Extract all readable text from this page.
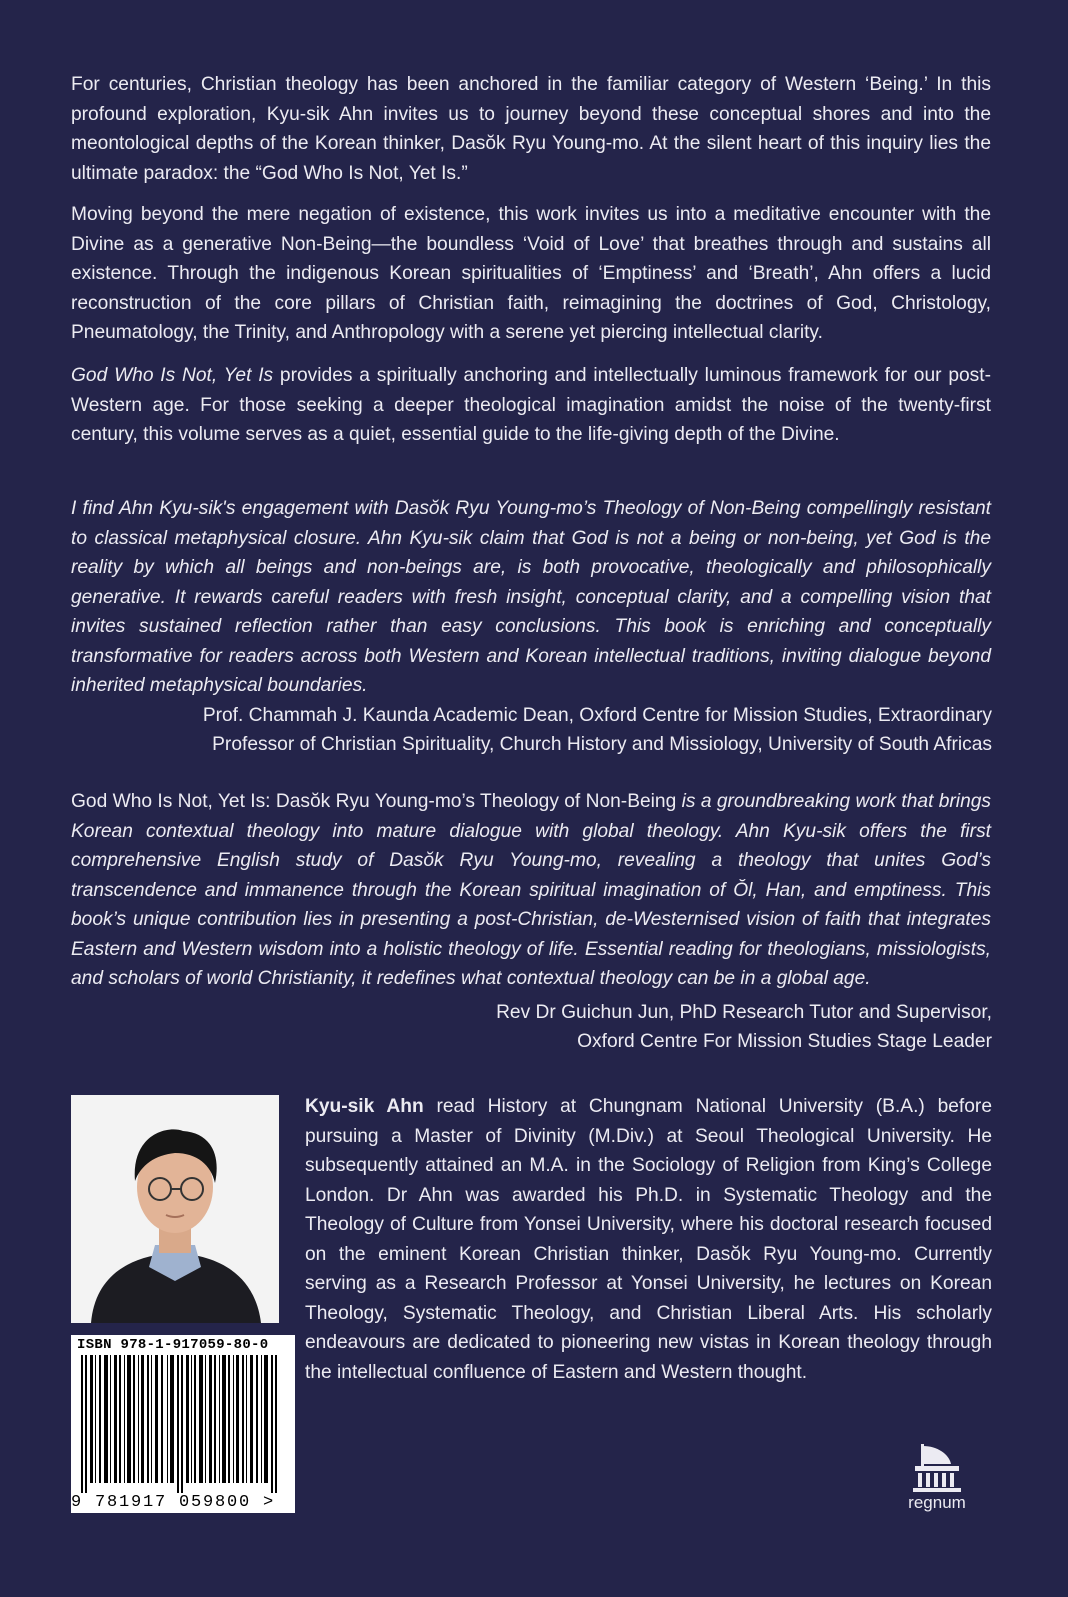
For centuries, Christian theology has been anchored in the familiar category of Western ‘Being.’ In this profound exploration, Kyu-sik Ahn invites us to journey beyond these conceptual shores and into the meontological depths of the Korean thinker, Dasŏk Ryu Young-mo. At the silent heart of this inquiry lies the ultimate paradox: the “God Who Is Not, Yet Is.”

Moving beyond the mere negation of existence, this work invites us into a meditative encounter with the Divine as a generative Non-Being—the boundless ‘Void of Love’ that breathes through and sustains all existence. Through the indigenous Korean spiritualities of ‘Emptiness’ and ‘Breath’, Ahn offers a lucid reconstruction of the core pillars of Christian faith, reimagining the doctrines of God, Christology, Pneumatology, the Trinity, and Anthropology with a serene yet piercing intellectual clarity.

God Who Is Not, Yet Is provides a spiritually anchoring and intellectually luminous framework for our post-Western age. For those seeking a deeper theological imagination amidst the noise of the twenty-first century, this volume serves as a quiet, essential guide to the life-giving depth of the Divine.

I find Ahn Kyu-sik's engagement with Dasŏk Ryu Young-mo’s Theology of Non-Being compellingly resistant to classical metaphysical closure. Ahn Kyu-sik claim that God is not a being or non-being, yet God is the reality by which all beings and non-beings are, is both provocative, theologically and philosophically generative. It rewards careful readers with fresh insight, conceptual clarity, and a compelling vision that invites sustained reflection rather than easy conclusions. This book is enriching and conceptually transformative for readers across both Western and Korean intellectual traditions, inviting dialogue beyond inherited metaphysical boundaries.

Prof. Chammah J. Kaunda Academic Dean, Oxford Centre for Mission Studies, Extraordinary

Professor of Christian Spirituality, Church History and Missiology, University of South Africas

God Who Is Not, Yet Is: Dasŏk Ryu Young-mo’s Theology of Non-Being is a groundbreaking work that brings Korean contextual theology into mature dialogue with global theology. Ahn Kyu-sik offers the first comprehensive English study of Dasŏk Ryu Young-mo, revealing a theology that unites God’s transcendence and immanence through the Korean spiritual imagination of Ŏl, Han, and emptiness. This book’s unique contribution lies in presenting a post-Christian, de-Westernised vision of faith that integrates Eastern and Western wisdom into a holistic theology of life. Essential reading for theologians, missiologists, and scholars of world Christianity, it redefines what contextual theology can be in a global age.

Rev Dr Guichun Jun, PhD Research Tutor and Supervisor,

Oxford Centre For Mission Studies Stage Leader

ISBN 978-1-917059-80-0
9 781917 059800 >

Kyu-sik Ahn read History at Chungnam National University (B.A.) before pursuing a Master of Divinity (M.Div.) at Seoul Theological University. He subsequently attained an M.A. in the Sociology of Religion from King’s College London. Dr Ahn was awarded his Ph.D. in Systematic Theology and the Theology of Culture from Yonsei University, where his doctoral research focused on the eminent Korean Christian thinker, Dasŏk Ryu Young-mo. Currently serving as a Research Professor at Yonsei University, he lectures on Korean Theology, Systematic Theology, and Christian Liberal Arts. His scholarly endeavours are dedicated to pioneering new vistas in Korean theology through the intellectual confluence of Eastern and Western thought.

regnum
